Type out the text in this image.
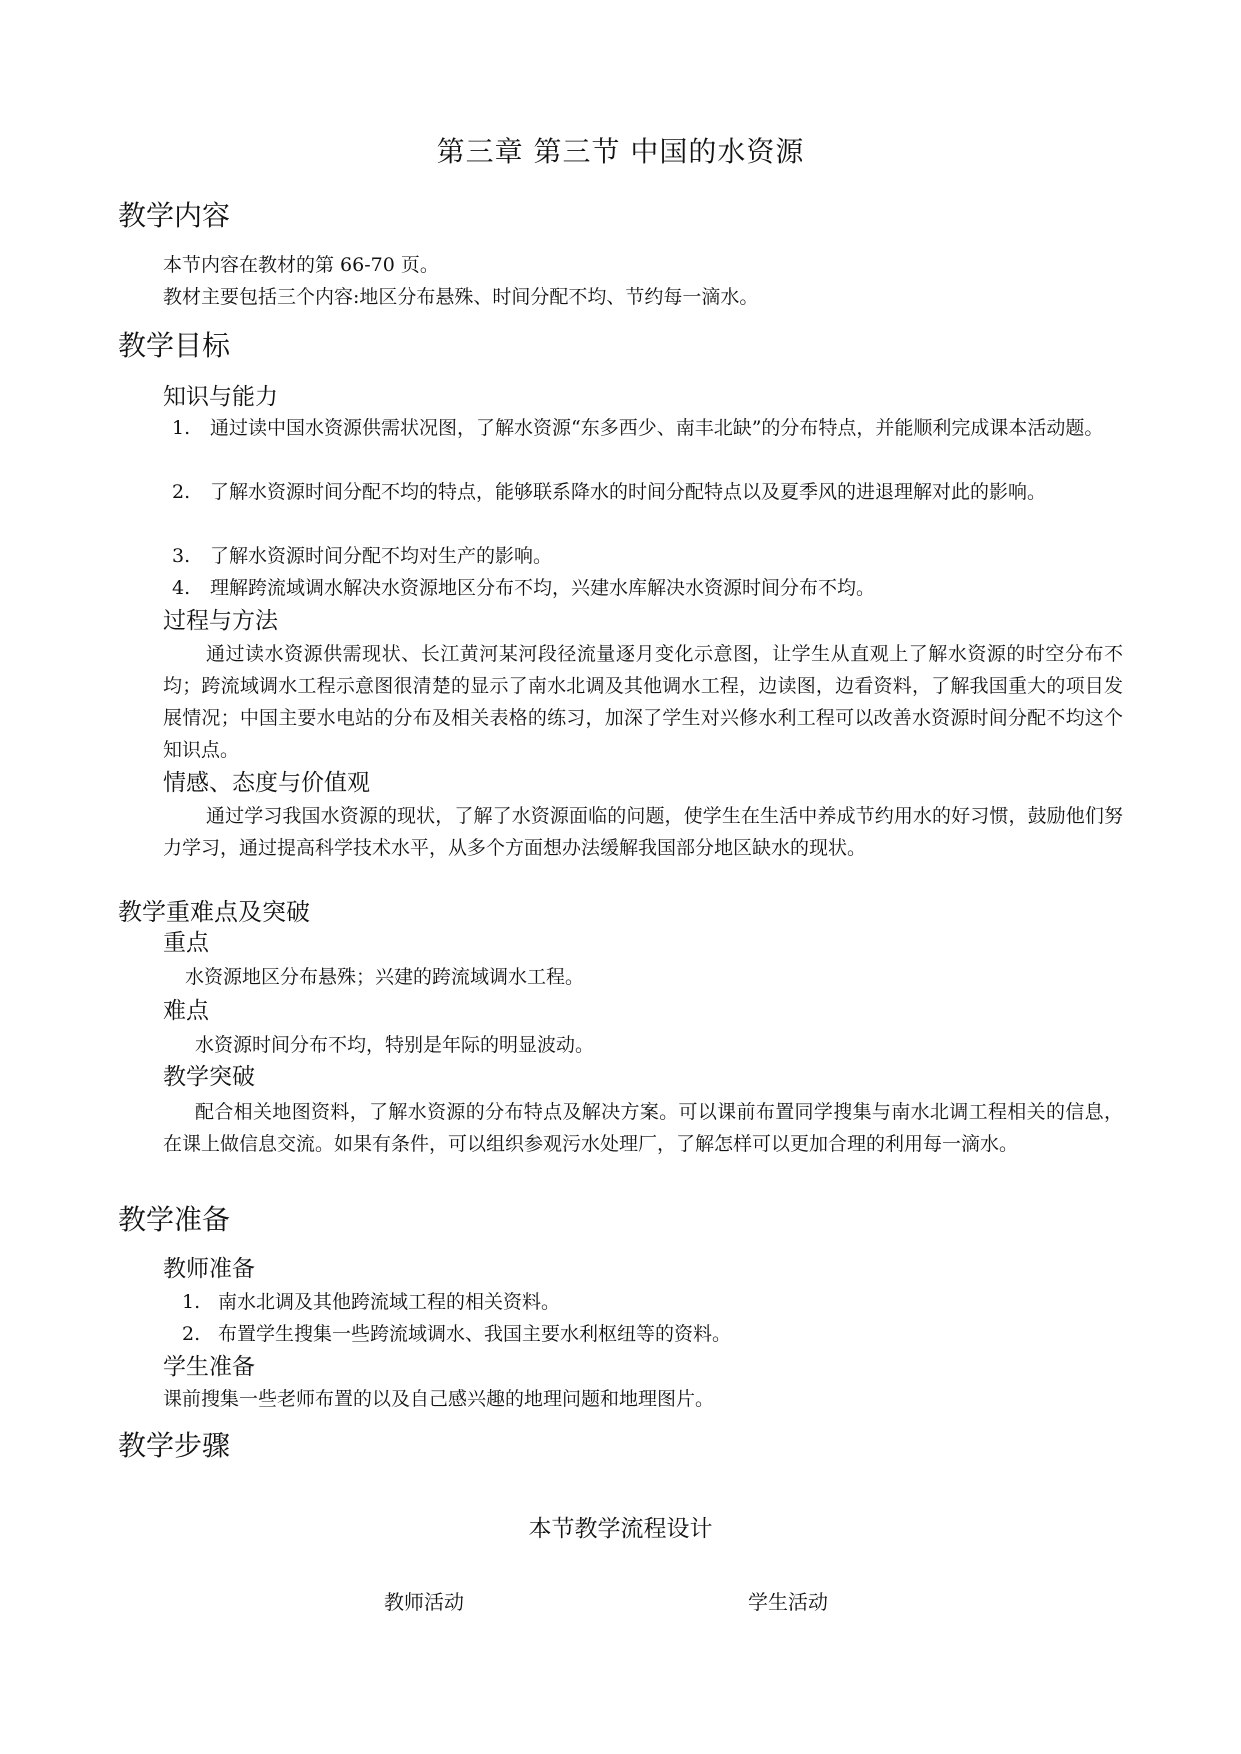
第三章 第三节 中国的水资源
教学内容
本节内容在教材的第 66-70 页。
教材主要包括三个内容:地区分布悬殊、时间分配不均、节约每一滴水。
教学目标
知识与能力
1.	通过读中国水资源供需状况图，了解水资源“东多西少、南丰北缺”的分布特点，并能顺利完成课本活动题。
2.	了解水资源时间分配不均的特点，能够联系降水的时间分配特点以及夏季风的进退理解对此的影响。
3.	了解水资源时间分配不均对生产的影响。
4.	理解跨流域调水解决水资源地区分布不均，兴建水库解决水资源时间分布不均。
过程与方法
通过读水资源供需现状、长江黄河某河段径流量逐月变化示意图，让学生从直观上了解水资源的时空分布不均；跨流域调水工程示意图很清楚的显示了南水北调及其他调水工程，边读图，边看资料，了解我国重大的项目发展情况；中国主要水电站的分布及相关表格的练习，加深了学生对兴修水利工程可以改善水资源时间分配不均这个知识点。
情感、态度与价值观
通过学习我国水资源的现状，了解了水资源面临的问题，使学生在生活中养成节约用水的好习惯，鼓励他们努力学习，通过提高科学技术水平，从多个方面想办法缓解我国部分地区缺水的现状。
教学重难点及突破
重点
水资源地区分布悬殊；兴建的跨流域调水工程。
难点
水资源时间分布不均，特别是年际的明显波动。
教学突破
配合相关地图资料，了解水资源的分布特点及解决方案。可以课前布置同学搜集与南水北调工程相关的信息，在课上做信息交流。如果有条件，可以组织参观污水处理厂，了解怎样可以更加合理的利用每一滴水。
教学准备
教师准备
1. 南水北调及其他跨流域工程的相关资料。
2. 布置学生搜集一些跨流域调水、我国主要水利枢纽等的资料。
学生准备
课前搜集一些老师布置的以及自己感兴趣的地理问题和地理图片。
教学步骤
本节教学流程设计
教师活动	学生活动
